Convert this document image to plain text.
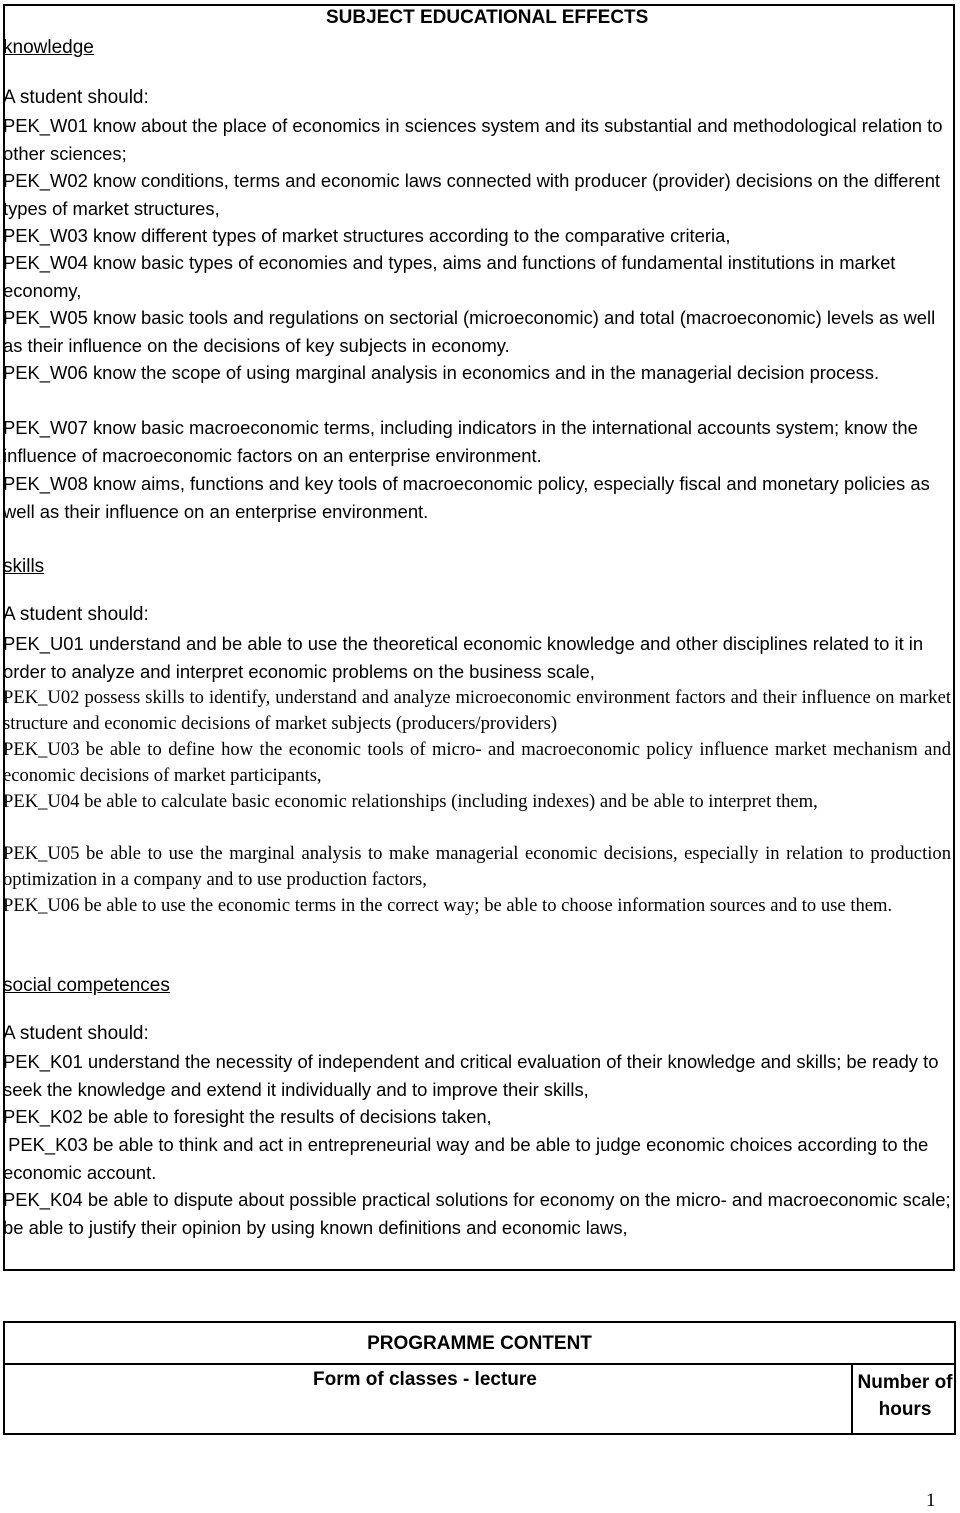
SUBJECT EDUCATIONAL EFFECTS

knowledge

A student should:

PEK_W01 know about the place of economics in sciences system and its substantial and methodological relation to other sciences;

PEK_W02 know conditions, terms and economic laws connected with producer (provider) decisions on the different types of market structures,

PEK_W03 know different types of market structures according to the comparative criteria,

PEK_W04 know basic types of economies and types, aims and functions of fundamental institutions in market economy,

PEK_W05 know basic tools and regulations on sectorial (microeconomic) and total (macroeconomic) levels as well as their influence on the decisions of key subjects in economy.

PEK_W06 know the scope of using marginal analysis in economics and in the managerial decision process.

PEK_W07 know basic macroeconomic terms, including indicators in the international accounts system; know the influence of macroeconomic factors on an enterprise environment.

PEK_W08 know aims, functions and key tools of macroeconomic policy, especially fiscal and monetary policies as well as their influence on an enterprise environment.

skills

A student should:

PEK_U01 understand and be able to use the theoretical economic knowledge and other disciplines related to it in order to analyze and interpret economic problems on the business scale,

PEK_U02 possess skills to identify, understand and analyze microeconomic environment factors and their influence on market structure and economic decisions of market subjects (producers/providers)

PEK_U03 be able to define how the economic tools of micro- and macroeconomic policy influence market mechanism and economic decisions of market participants,

PEK_U04 be able to calculate basic economic relationships (including indexes) and be able to interpret them,

PEK_U05 be able to use the marginal analysis to make managerial economic decisions, especially in relation to production optimization in a company and to use production factors,

PEK_U06 be able to use the economic terms in the correct way; be able to choose information sources and to use them.

social competences

A student should:

PEK_K01 understand the necessity of independent and critical evaluation of their knowledge and skills; be ready to seek the knowledge and extend it individually and to improve their skills,

PEK_K02 be able to foresight the results of decisions taken,

PEK_K03 be able to think and act in entrepreneurial way and be able to judge economic choices according to the economic account.

PEK_K04 be able to dispute about possible practical solutions for economy on the micro- and macroeconomic scale; be able to justify their opinion by using known definitions and economic laws,

PROGRAMME CONTENT
Form of classes - lecture	Number of hours
1
